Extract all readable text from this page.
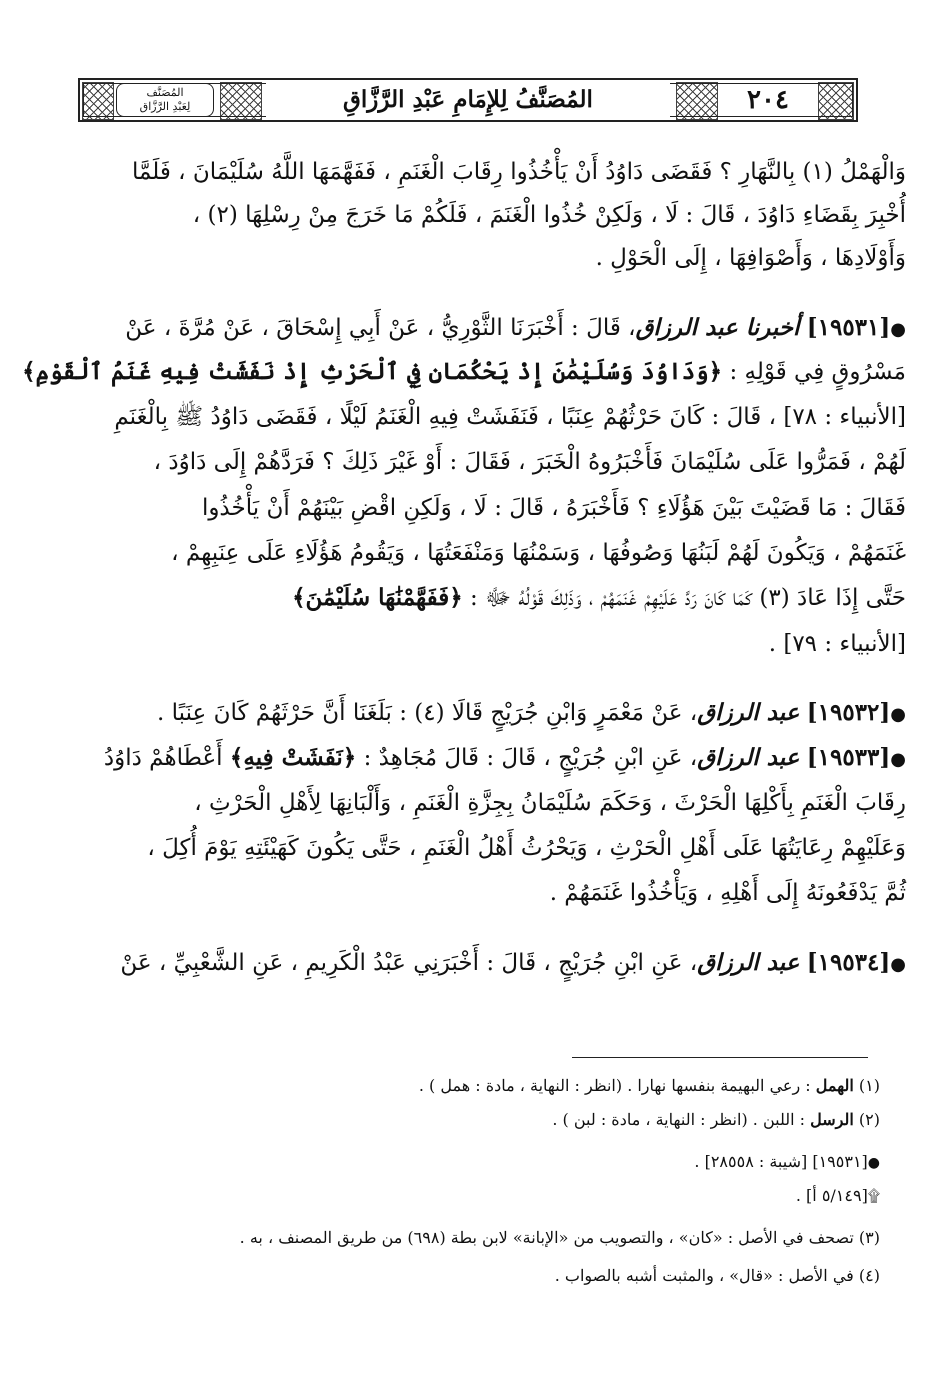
٢٠٤
المُصَنَّفُ لِلإِمَامِ عَبْدِ الرَّزَّاقِ
المُصَنَّف
لِعَبْدِ الرَّزَّاق
وَالْهَمْلُ (١) بِالنَّهَارِ ؟ فَقَضَى دَاوُدُ أَنْ يَأْخُذُوا رِقَابَ الْغَنَمِ ، فَفَهَّمَهَا اللَّهُ سُلَيْمَانَ ، فَلَمَّا
أُخْبِرَ بِقَضَاءِ دَاوُدَ ، قَالَ : لَا ، وَلَكِنْ خُذُوا الْغَنَمَ ، فَلَكُمْ مَا خَرَجَ مِنْ رِسْلِهَا (٢) ،
وَأَوْلَادِهَا ، وَأَصْوَافِهَا ، إِلَى الْحَوْلِ .
●[١٩٥٣١] أخبرنا عبد الرزاق، قَالَ : أَخْبَرَنَا الثَّوْرِيُّ ، عَنْ أَبِي إِسْحَاقَ ، عَنْ مُرَّةَ ، عَنْ
مَسْرُوقٍ فِي قَوْلِهِ : ﴿وَدَاوُدَ وَسُلَيْمَٰنَ إِذْ يَحْكُمَانِ فِي ٱلْحَرْثِ إِذْ نَفَشَتْ فِيهِ غَنَمُ ٱلْقَوْمِ﴾
[الأنبياء : ٧٨] ، قَالَ : كَانَ حَرْثُهُمْ عِنَبًا ، فَنَفَشَتْ فِيهِ الْغَنَمُ لَيْلًا ، فَقَضَى دَاوُدُ ﷺ بِالْغَنَمِ
لَهُمْ ، فَمَرُّوا عَلَى سُلَيْمَانَ فَأَخْبَرُوهُ الْخَبَرَ ، فَقَالَ : أَوْ غَيْرَ ذَلِكَ ؟ فَرَدَّهُمْ إِلَى دَاوُدَ ،
فَقَالَ : مَا قَضَيْتَ بَيْنَ هَؤُلَاءِ ؟ فَأَخْبَرَهُ ، قَالَ : لَا ، وَلَكِنِ اقْضِ بَيْنَهُمْ أَنْ يَأْخُذُوا
غَنَمَهُمْ ، وَيَكُونَ لَهُمْ لَبَنُهَا وَصُوفُهَا ، وَسَمْنُهَا وَمَنْفَعَتُهَا ، وَيَقُومُ هَؤُلَاءِ عَلَى عِنَبِهِمْ ،
حَتَّى إِذَا عَادَ (٣) كَمَا كَانَ رَدَّ عَلَيْهِمْ غَنَمَهُمْ ، وَذَلِكَ قَوْلُهُ ﷻ : ﴿فَفَهَّمْنَٰهَا سُلَيْمَٰنَ﴾
[الأنبياء : ٧٩] .
●[١٩٥٣٢] عبد الرزاق، عَنْ مَعْمَرٍ وَابْنِ جُرَيْجٍ قَالَا (٤) : بَلَغَنَا أَنَّ حَرْثَهُمْ كَانَ عِنَبًا .
●[١٩٥٣٣] عبد الرزاق، عَنِ ابْنِ جُرَيْجٍ ، قَالَ : قَالَ مُجَاهِدٌ : ﴿نَفَشَتْ فِيهِ﴾ أَعْطَاهُمْ دَاوُدُ
رِقَابَ الْغَنَمِ بِأَكْلِهَا الْحَرْثَ ، وَحَكَمَ سُلَيْمَانُ بِجِزَّةِ الْغَنَمِ ، وَأَلْبَانِهَا لِأَهْلِ الْحَرْثِ ،
وَعَلَيْهِمْ رِعَايَتُهَا عَلَى أَهْلِ الْحَرْثِ ، وَيَحْرُثُ أَهْلُ الْغَنَمِ ، حَتَّى يَكُونَ كَهَيْئَتِهِ يَوْمَ أُكِلَ ،
ثُمَّ يَدْفَعُونَهُ إِلَى أَهْلِهِ ، وَيَأْخُذُوا غَنَمَهُمْ .
●[١٩٥٣٤] عبد الرزاق، عَنِ ابْنِ جُرَيْجٍ ، قَالَ : أَخْبَرَنِي عَبْدُ الْكَرِيمِ ، عَنِ الشَّعْبِيِّ ، عَنْ
(١) الهمل : رعي البهيمة بنفسها نهارا . (انظر : النهاية ، مادة : همل ) .
(٢) الرسل : اللبن . (انظر : النهاية ، مادة : لبن ) .
●[١٩٥٣١] [شيبة : ٢٨٥٥٨] .
۩[٥/١٤٩ أ] .
(٣) تصحف في الأصل : «كان» ، والتصويب من «الإبانة» لابن بطة (٦٩٨) من طريق المصنف ، به .
(٤) في الأصل : «قال» ، والمثبت أشبه بالصواب .
